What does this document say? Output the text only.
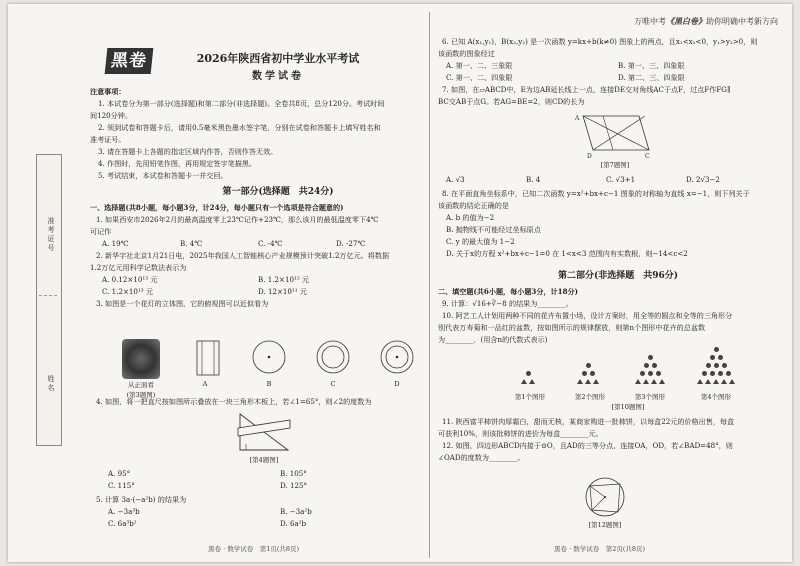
万唯中考《黑白卷》助你明确中考新方向
黑卷
准考证号
姓名
2026年陕西省初中学业水平考试
数学试卷

注意事项：

1. 本试卷分为第一部分(选择题)和第二部分(非选择题)。全卷共8页，总分120分。考试时间

间120分钟。

2. 领到试卷和答题卡后，请用0.5毫米黑色墨水签字笔，分别在试卷和答题卡上填写姓名和

准考证号。

3. 请在答题卡上各题的指定区域内作答，否则作答无效。

4. 作图时，先用铅笔作图，再用规定签字笔描黑。

5. 考试结束，本试卷和答题卡一并交回。

第一部分(选择题　共24分)

一、选择题(共8小题，每小题3分，计24分，每小题只有一个选项是符合题意的)

1. 如果西安市2026年2月的最高温度零上23℃记作+23℃，那么该月的最低温度零下4℃

可记作

A. 19℃	B. 4℃	C. -4℃	D. -27℃

2. 新华字社北京1月21日电，2025年我国人工智能核心产业规模预计突破1.2万亿元。将数据

1.2万亿元用科学记数法表示为

A. 0.12×10¹³ 元	B. 1.2×10¹² 元

C. 1.2×10¹³ 元	D. 12×10¹¹ 元

3. 如图是一个花灯的立体图，它的俯视图可以近似看为

从正面看
(第3题图)
A	B	C	D

4. 如图，将一把直尺按如图所示叠放在一块三角形木板上，若∠1=65°，则∠2的度数为

[第4题图]

A. 95°	B. 105°

C. 115°	D. 125°

5. 计算 3a·(−a²b) 的结果为

A. −3a³b	B. −3a²b

C. 6a³b²	D. 6a²b

黑卷 · 数学试卷　第1页(共8页)

6. 已知 A(x₁,y₁)，B(x₂,y₂) 是一次函数 y=kx+b(k≠0) 图象上的两点，且x₁<x₂<0，y₁>y₂>0，则

该函数的图象经过

A. 第一、二、三象限	B. 第一、三、四象限

C. 第一、二、四象限	D. 第二、三、四象限

7. 如图，在▱ABCD中，E为边AB延长线上一点，连接DE交对角线AC于点F，过点F作FG∥

BC交AB于点G。若AG=BE=2，则CD的长为

A
D	C
[第7题图]

A. √3	B. 4	C. √3+1	D. 2√3−2

8. 在平面直角坐标系中，已知二次函数 y=x²+bx+c−1 图象的对称轴为直线 x=−1，则下列关于

该函数的结论正确的是

A. b 的值为−2

B. 抛物线不可能经过坐标原点

C. y 的最大值为 1−2

D. 关于x的方程 x²+bx+c−1=0 在 1<x<3 范围内有实数根，则−14<c<2

第二部分(非选择题　共96分)

二、填空题(共6小题，每小题3分，计18分)

9. 计算：√16+∛−8 的结果为________。

10. 阿艺工人计划用两种不同的花卉布置小场，设计方案时，用全等的圆点和全等的三角形分

别代表万寿菊和一品红的盆数，按如图所示的规律摆放，则第n个图形中花卉的总盆数

为________．(用含n的代数式表示)

第1个图形	第2个图形	第3个图形	第4个图形
[第10题图]

11. 陕西富平柿饼肉厚霜白，甜而无核，某商家购进一批柿饼，以每盒22元的价格出售，每盒

可获利10%，则该批柿饼的进价为每盒________元。

12. 如图，四边形ABCD内接于⊙O，且AD的三等分点，连接OA，OD，若∠BAD=48°，则

∠OAD的度数为________。

[第12题图]
黑卷 · 数学试卷　第2页(共8页)
